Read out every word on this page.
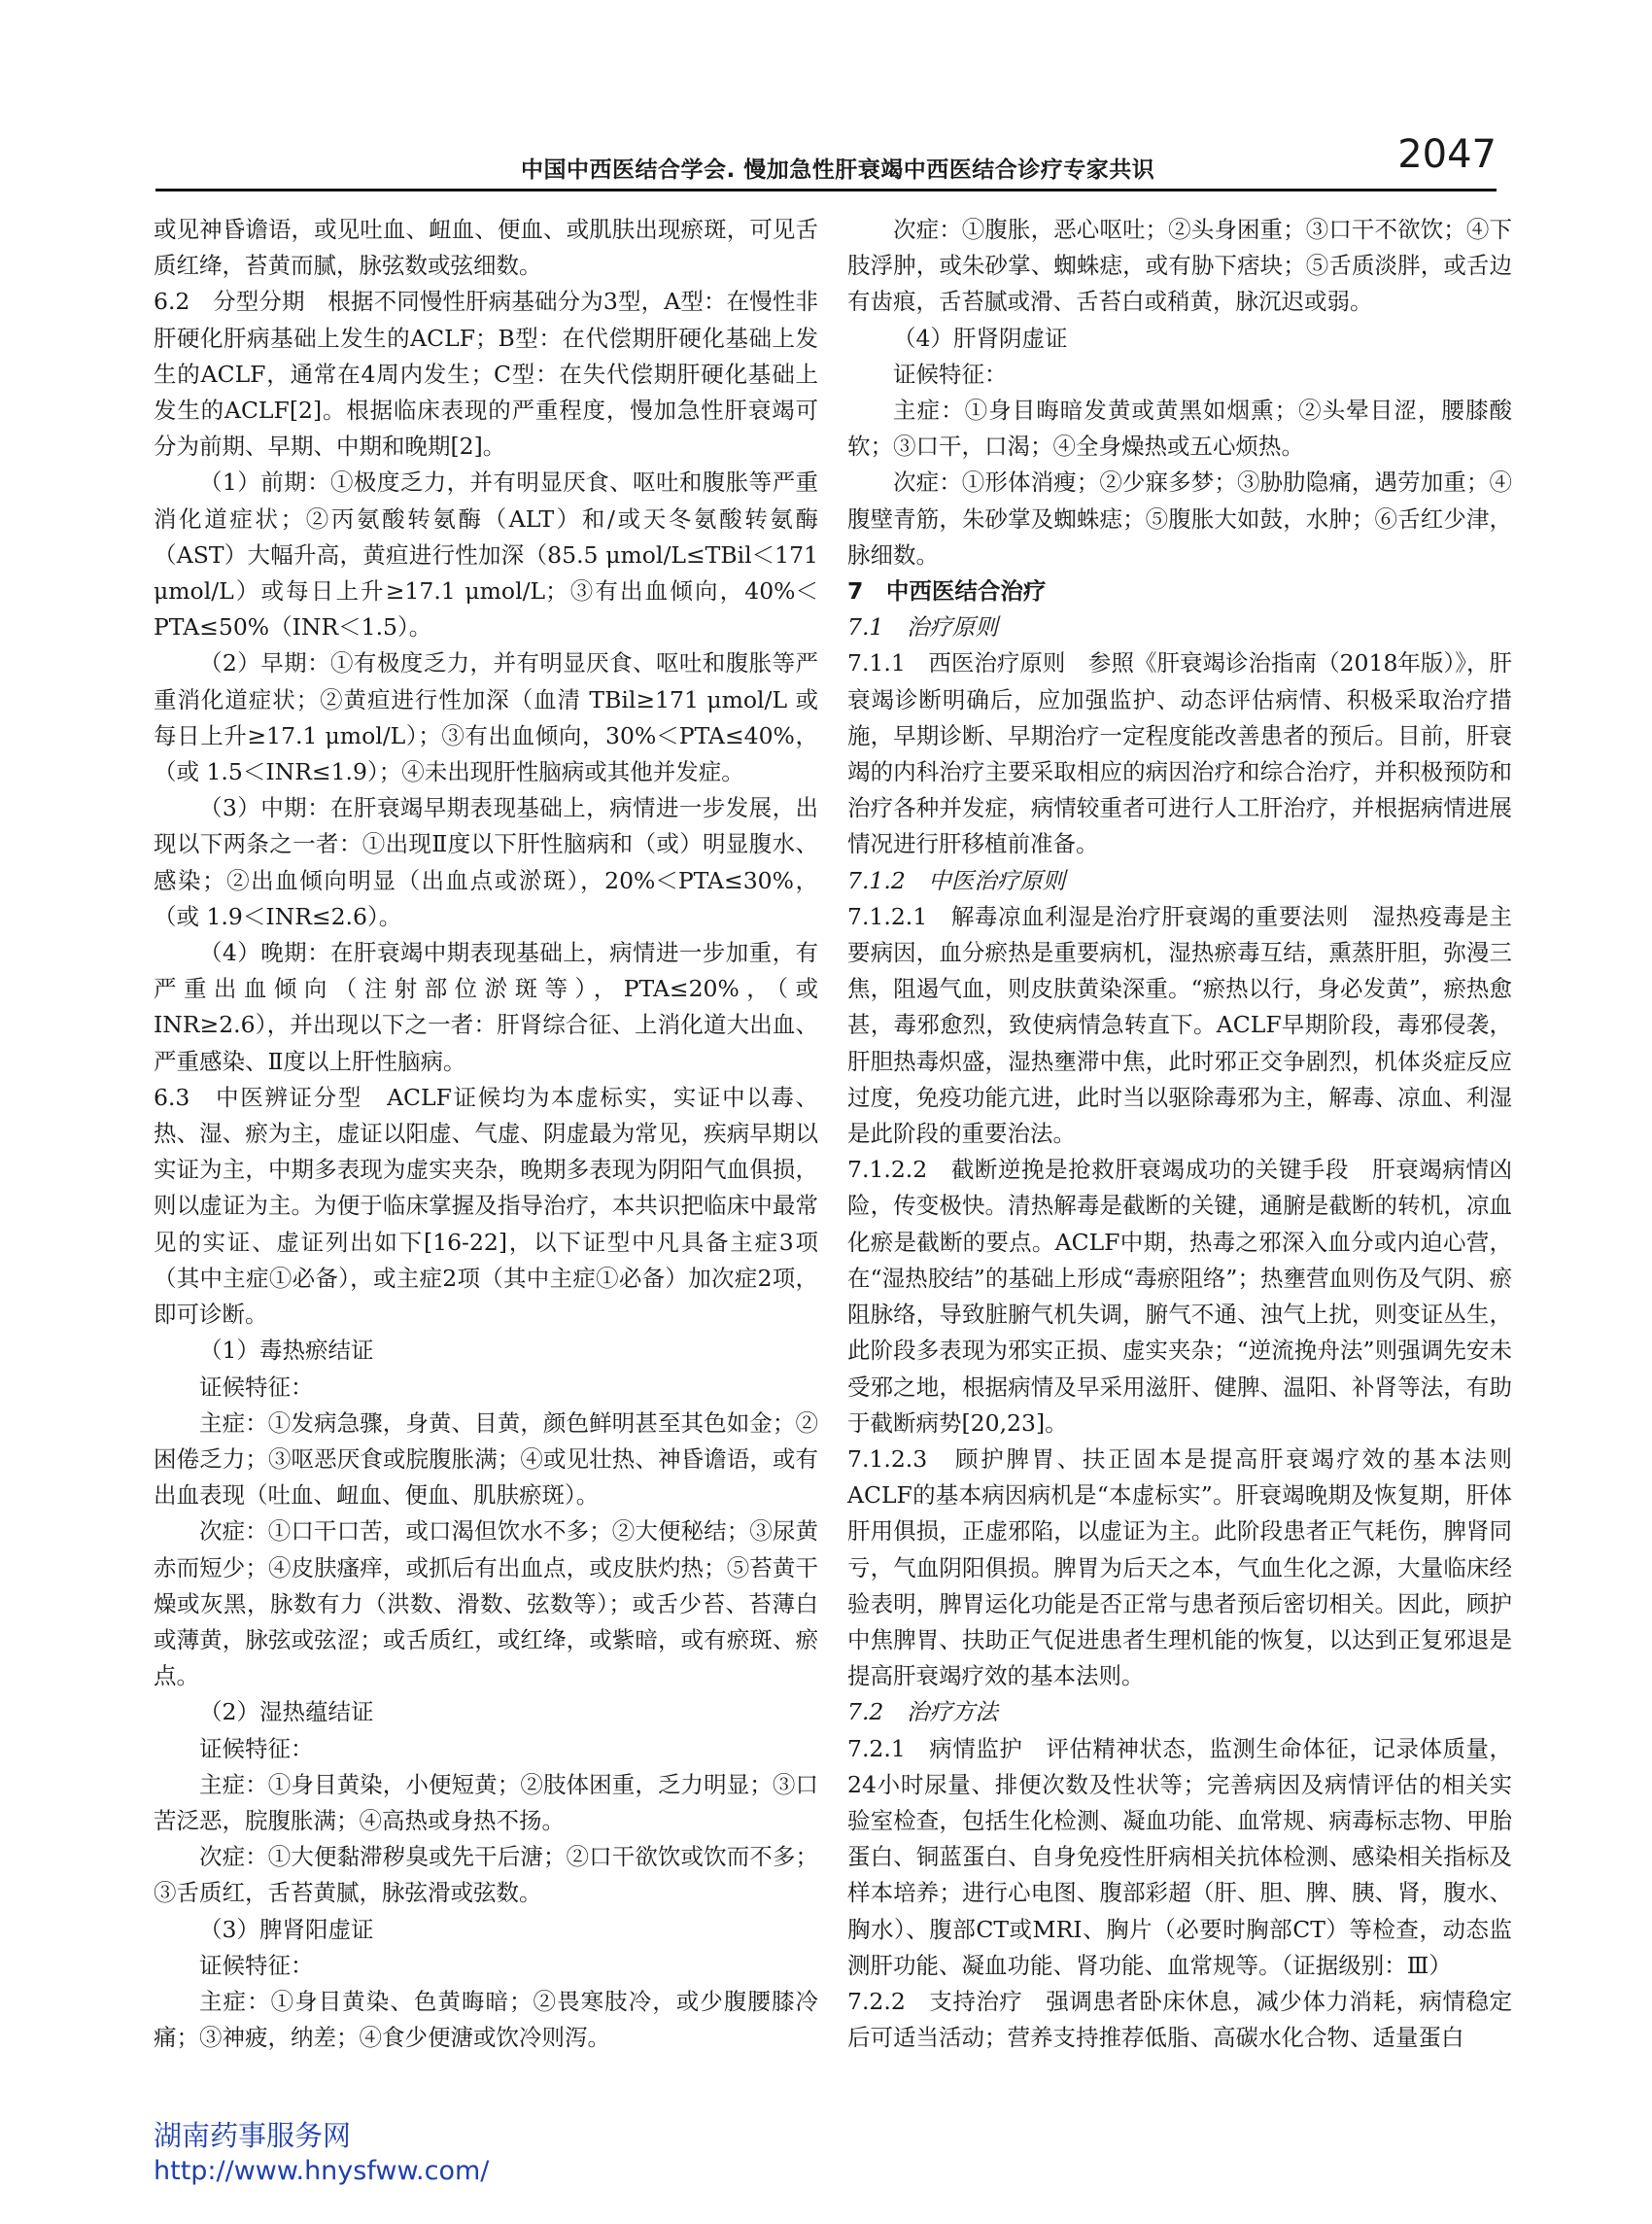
中国中西医结合学会. 慢加急性肝衰竭中西医结合诊疗专家共识	2047

或见神昏谵语，或见吐血、衄血、便血、或肌肤出现瘀斑，可见舌质红绛，苔黄而腻，脉弦数或弦细数。

6.2　分型分期　根据不同慢性肝病基础分为3型，A型：在慢性非肝硬化肝病基础上发生的ACLF；B型：在代偿期肝硬化基础上发生的ACLF，通常在4周内发生；C型：在失代偿期肝硬化基础上发生的ACLF[2]。根据临床表现的严重程度，慢加急性肝衰竭可分为前期、早期、中期和晚期[2]。

（1）前期：①极度乏力，并有明显厌食、呕吐和腹胀等严重消化道症状；②丙氨酸转氨酶（ALT）和/或天冬氨酸转氨酶（AST）大幅升高，黄疸进行性加深（85.5 μmol/L≤TBil＜171 μmol/L）或每日上升≥17.1 μmol/L；③有出血倾向，40%＜PTA≤50%（INR＜1.5）。

（2）早期：①有极度乏力，并有明显厌食、呕吐和腹胀等严重消化道症状；②黄疸进行性加深（血清 TBil≥171 μmol/L 或每日上升≥17.1 μmol/L）；③有出血倾向，30%＜PTA≤40%，（或 1.5＜INR≤1.9）；④未出现肝性脑病或其他并发症。

（3）中期：在肝衰竭早期表现基础上，病情进一步发展，出现以下两条之一者：①出现Ⅱ度以下肝性脑病和（或）明显腹水、感染；②出血倾向明显（出血点或淤斑），20%＜PTA≤30%，（或 1.9＜INR≤2.6）。

（4）晚期：在肝衰竭中期表现基础上，病情进一步加重，有严重出血倾向（注射部位淤斑等），PTA≤20%，（或 INR≥2.6），并出现以下之一者：肝肾综合征、上消化道大出血、严重感染、Ⅱ度以上肝性脑病。

6.3　中医辨证分型　ACLF证候均为本虚标实，实证中以毒、热、湿、瘀为主，虚证以阳虚、气虚、阴虚最为常见，疾病早期以实证为主，中期多表现为虚实夹杂，晚期多表现为阴阳气血俱损，则以虚证为主。为便于临床掌握及指导治疗，本共识把临床中最常见的实证、虚证列出如下[16-22]，以下证型中凡具备主症3项（其中主症①必备），或主症2项（其中主症①必备）加次症2项，即可诊断。

（1）毒热瘀结证

证候特征：

主症：①发病急骤，身黄、目黄，颜色鲜明甚至其色如金；②困倦乏力；③呕恶厌食或脘腹胀满；④或见壮热、神昏谵语，或有出血表现（吐血、衄血、便血、肌肤瘀斑）。

次症：①口干口苦，或口渴但饮水不多；②大便秘结；③尿黄赤而短少；④皮肤瘙痒，或抓后有出血点，或皮肤灼热；⑤苔黄干燥或灰黑，脉数有力（洪数、滑数、弦数等）；或舌少苔、苔薄白或薄黄，脉弦或弦涩；或舌质红，或红绛，或紫暗，或有瘀斑、瘀点。

（2）湿热蕴结证

证候特征：

主症：①身目黄染，小便短黄；②肢体困重，乏力明显；③口苦泛恶，脘腹胀满；④高热或身热不扬。

次症：①大便黏滞秽臭或先干后溏；②口干欲饮或饮而不多；③舌质红，舌苔黄腻，脉弦滑或弦数。

（3）脾肾阳虚证

证候特征：

主症：①身目黄染、色黄晦暗；②畏寒肢冷，或少腹腰膝冷痛；③神疲，纳差；④食少便溏或饮冷则泻。

次症：①腹胀，恶心呕吐；②头身困重；③口干不欲饮；④下肢浮肿，或朱砂掌、蜘蛛痣，或有胁下痞块；⑤舌质淡胖，或舌边有齿痕，舌苔腻或滑、舌苔白或稍黄，脉沉迟或弱。

（4）肝肾阴虚证

证候特征：

主症：①身目晦暗发黄或黄黑如烟熏；②头晕目涩，腰膝酸软；③口干，口渴；④全身燥热或五心烦热。

次症：①形体消瘦；②少寐多梦；③胁肋隐痛，遇劳加重；④腹壁青筋，朱砂掌及蜘蛛痣；⑤腹胀大如鼓，水肿；⑥舌红少津，脉细数。

7　中西医结合治疗

7.1　治疗原则

7.1.1　西医治疗原则　参照《肝衰竭诊治指南（2018年版）》，肝衰竭诊断明确后，应加强监护、动态评估病情、积极采取治疗措施，早期诊断、早期治疗一定程度能改善患者的预后。目前，肝衰竭的内科治疗主要采取相应的病因治疗和综合治疗，并积极预防和治疗各种并发症，病情较重者可进行人工肝治疗，并根据病情进展情况进行肝移植前准备。

7.1.2　中医治疗原则

7.1.2.1　解毒凉血利湿是治疗肝衰竭的重要法则　湿热疫毒是主要病因，血分瘀热是重要病机，湿热瘀毒互结，熏蒸肝胆，弥漫三焦，阻遏气血，则皮肤黄染深重。“瘀热以行，身必发黄”，瘀热愈甚，毒邪愈烈，致使病情急转直下。ACLF早期阶段，毒邪侵袭，肝胆热毒炽盛，湿热壅滞中焦，此时邪正交争剧烈，机体炎症反应过度，免疫功能亢进，此时当以驱除毒邪为主，解毒、凉血、利湿是此阶段的重要治法。

7.1.2.2　截断逆挽是抢救肝衰竭成功的关键手段　肝衰竭病情凶险，传变极快。清热解毒是截断的关键，通腑是截断的转机，凉血化瘀是截断的要点。ACLF中期，热毒之邪深入血分或内迫心营，在“湿热胶结”的基础上形成“毒瘀阻络”；热壅营血则伤及气阴、瘀阻脉络，导致脏腑气机失调，腑气不通、浊气上扰，则变证丛生，此阶段多表现为邪实正损、虚实夹杂；“逆流挽舟法”则强调先安未受邪之地，根据病情及早采用滋肝、健脾、温阳、补肾等法，有助于截断病势[20,23]。

7.1.2.3　顾护脾胃、扶正固本是提高肝衰竭疗效的基本法则　ACLF的基本病因病机是“本虚标实”。肝衰竭晚期及恢复期，肝体肝用俱损，正虚邪陷，以虚证为主。此阶段患者正气耗伤，脾肾同亏，气血阴阳俱损。脾胃为后天之本，气血生化之源，大量临床经验表明，脾胃运化功能是否正常与患者预后密切相关。因此，顾护中焦脾胃、扶助正气促进患者生理机能的恢复，以达到正复邪退是提高肝衰竭疗效的基本法则。

7.2　治疗方法

7.2.1　病情监护　评估精神状态，监测生命体征，记录体质量，24小时尿量、排便次数及性状等；完善病因及病情评估的相关实验室检查，包括生化检测、凝血功能、血常规、病毒标志物、甲胎蛋白、铜蓝蛋白、自身免疫性肝病相关抗体检测、感染相关指标及样本培养；进行心电图、腹部彩超（肝、胆、脾、胰、肾，腹水、胸水）、腹部CT或MRI、胸片（必要时胸部CT）等检查，动态监测肝功能、凝血功能、肾功能、血常规等。（证据级别：Ⅲ）

7.2.2　支持治疗　强调患者卧床休息，减少体力消耗，病情稳定后可适当活动；营养支持推荐低脂、高碳水化合物、适量蛋白

湖南药事服务网
http://www.hnysfww.com/
